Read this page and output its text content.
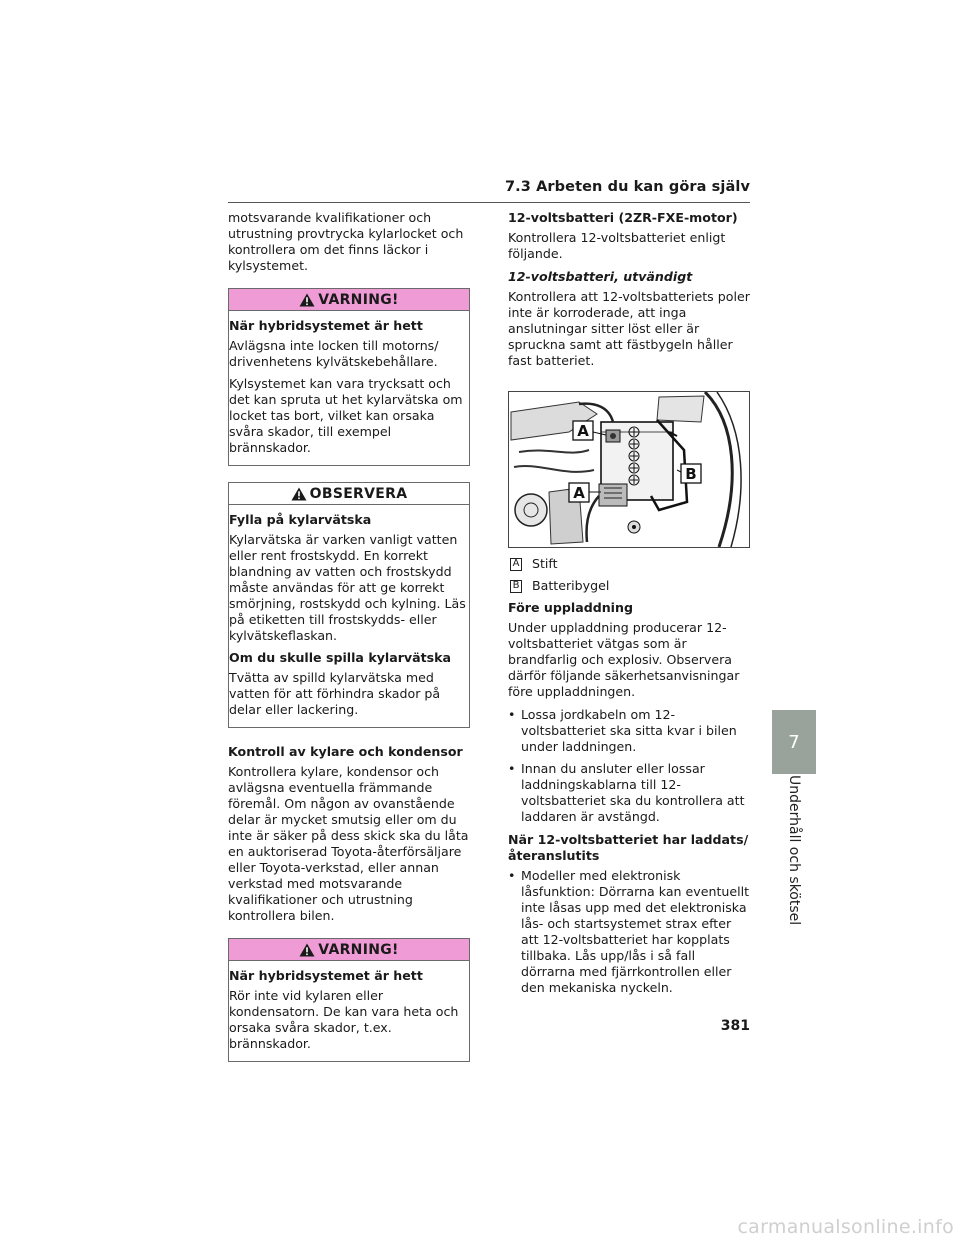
7.3 Arbeten du kan göra själv

motsvarande kvalifikationer och utrustning provtrycka kylarlocket och kontrollera om det finns läckor i kylsystemet.

VARNING!

När hybridsystemet är hett

Avlägsna inte locken till motorns/ drivenhetens kylvätskebehållare.

Kylsystemet kan vara trycksatt och det kan spruta ut het kylarvätska om locket tas bort, vilket kan orsaka svåra skador, till exempel brännskador.

OBSERVERA

Fylla på kylarvätska

Kylarvätska är varken vanligt vatten eller rent frostskydd. En korrekt blandning av vatten och frostskydd måste användas för att ge korrekt smörjning, rostskydd och kylning. Läs på etiketten till frostskydds- eller kylvätskeflaskan.

Om du skulle spilla kylarvätska

Tvätta av spilld kylarvätska med vatten för att förhindra skador på delar eller lackering.

Kontroll av kylare och kondensor

Kontrollera kylare, kondensor och avlägsna eventuella främmande föremål. Om någon av ovanstående delar är mycket smutsig eller om du inte är säker på dess skick ska du låta en auktoriserad Toyota-återförsäljare eller Toyota-verkstad, eller annan verkstad med motsvarande kvalifikationer och utrustning kontrollera bilen.

VARNING!

När hybridsystemet är hett

Rör inte vid kylaren eller kondensatorn. De kan vara heta och orsaka svåra skador, t.ex. brännskador.

12-voltsbatteri (2ZR-FXE-motor)

Kontrollera 12-voltsbatteriet enligt följande.

12-voltsbatteri, utvändigt

Kontrollera att 12-voltsbatteriets poler inte är korroderade, att inga anslutningar sitter löst eller är spruckna samt att fästbygeln håller fast batteriet.

A
B
A
A Stift
B Batteribygel

Före uppladdning

Under uppladdning producerar 12-voltsbatteriet vätgas som är brandfarlig och explosiv. Observera därför följande säkerhetsanvisningar före uppladdningen.

• Lossa jordkabeln om 12-voltsbatteriet ska sitta kvar i bilen under laddningen.
• Innan du ansluter eller lossar laddningskablarna till 12-voltsbatteriet ska du kontrollera att laddaren är avstängd.

När 12-voltsbatteriet har laddats/återanslutits

• Modeller med elektronisk låsfunktion: Dörrarna kan eventuellt inte låsas upp med det elektroniska lås- och startsystemet strax efter att 12-voltsbatteriet har kopplats tillbaka. Lås upp/lås i så fall dörrarna med fjärrkontrollen eller den mekaniska nyckeln.
7
Underhåll och skötsel
381
carmanualsonline.info
